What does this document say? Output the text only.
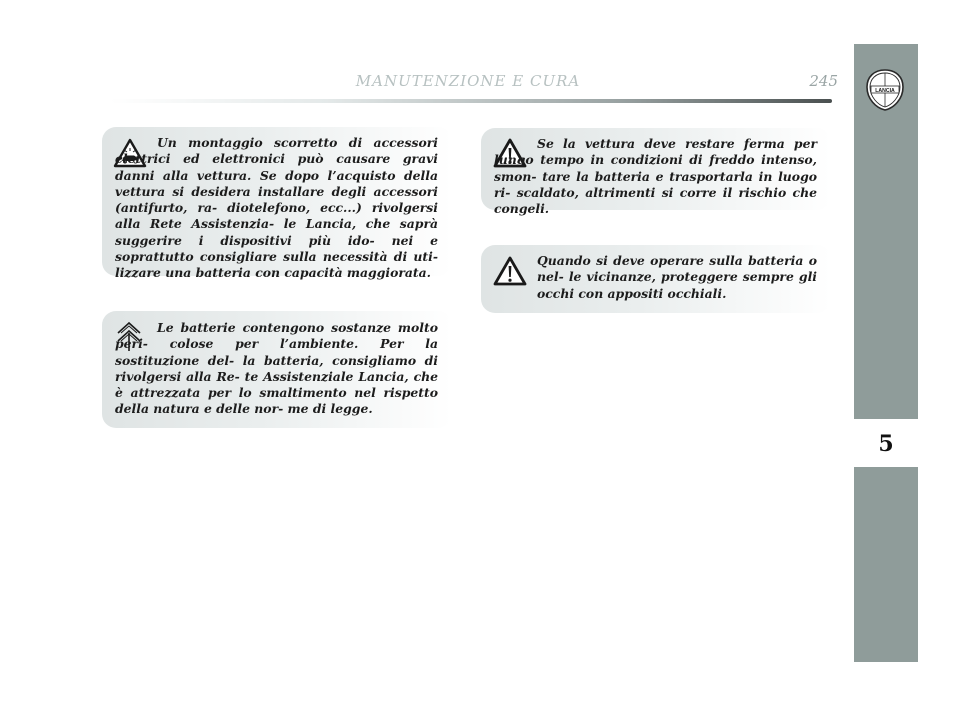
MANUTENZIONE E CURA	245
LANCIA
5
Un montaggio scorretto di accessori elettrici ed elettronici può causare gravi danni alla vettura. Se dopo l’acquisto della vettura si desidera installare degli accessori (antifurto, ra- diotelefono, ecc...) rivolgersi alla Rete Assistenzia- le Lancia, che saprà suggerire i dispositivi più ido- nei e soprattutto consigliare sulla necessità di uti- lizzare una batteria con capacità maggiorata.
Le batterie contengono sostanze molto peri- colose per l’ambiente. Per la sostituzione del- la batteria, consigliamo di rivolgersi alla Re- te Assistenziale Lancia, che è attrezzata per lo smaltimento nel rispetto della natura e delle nor- me di legge.
Se la vettura deve restare ferma per lungo tempo in condizioni di freddo intenso, smon- tare la batteria e trasportarla in luogo ri- scaldato, altrimenti si corre il rischio che congeli.
Quando si deve operare sulla batteria o nel- le vicinanze, proteggere sempre gli occhi con appositi occhiali.
